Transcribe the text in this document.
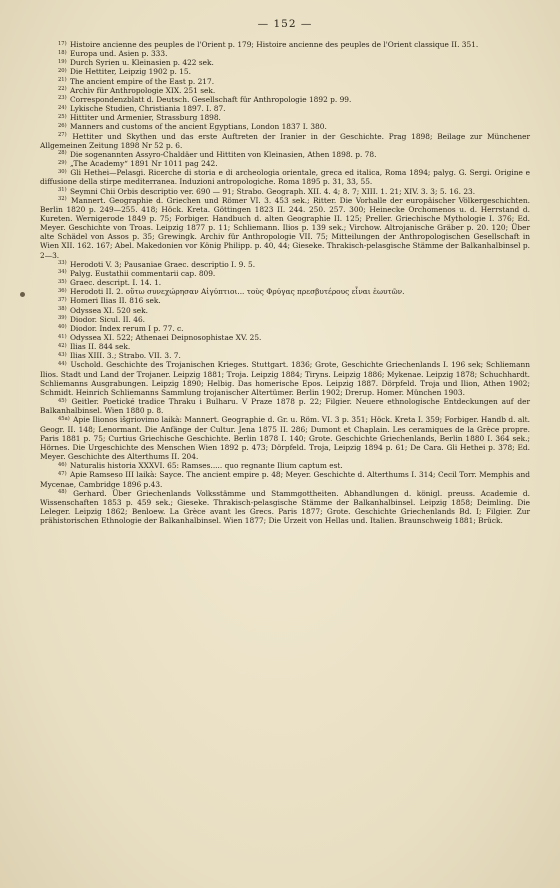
— 152 —

$^{17)}$ Histoire ancienne des peuples de l'Orient p. 179; Histoire ancienne des peuples de l'Orient classique II. 351.

$^{18)}$ Europa und. Asien p. 333.

$^{19)}$ Durch Syrien u. Kleinasien p. 422 sek.

$^{20)}$ Die Hettiter, Leipzig 1902 p. 15.

$^{21)}$ The ancient empire of the East p. 217.

$^{22)}$ Archiv für Anthropologie XIX. 251 sek.

$^{23)}$ Correspondenzblatt d. Deutsch. Gesellschaft für Anthropologie 1892 p. 99.

$^{24)}$ Lykische Studien, Christiania 1897. I. 87.

$^{25)}$ Hittiter und Armenier, Strassburg 1898.

$^{26)}$ Manners and customs of the ancient Egyptians, London 1837 I. 380.

$^{27)}$ Hettiter und Skythen und das erste Auftreten der Iranier in der Geschichte. Prag 1898; Beilage zur Münchener Allgemeinen Zeitung 1898 Nr 52 p. 6.

$^{28)}$ Die sogenannten Assyro-Chaldäer und Hittiten von Kleinasien, Athen 1898. p. 78.

$^{29)}$ „The Academy“ 1891 Nr 1011 pag 242.

$^{30)}$ Gli Hethei—Pelasgi. Ricerche di storia e di archeologia orientale, greca ed italica, Roma 1894; palyg. G. Sergi. Origine e diffusione della stirpe mediterranea. Induzioni antropologiche. Roma 1895 p. 31, 33, 55.

$^{31)}$ Seymni Chii Orbis descriptio ver. 690 — 91; Strabo. Geograph. XII. 4. 4; 8. 7; XIII. 1. 21; XIV. 3. 3; 5. 16. 23.

$^{32)}$ Mannert. Geographie d. Griechen und Römer VI. 3. 453 sek.; Ritter. Die Vorhalle der europäischer Völkergeschichten. Berlin 1820 p. 249—255. 418; Höck. Kreta. Göttingen 1823 II. 244. 250. 257. 300; Heinecke Orchomenos u. d. Herrstand d. Kureten. Wernigerode 1849 p. 75; Forbiger. Handbuch d. alten Geographie II. 125; Preller. Griechische Mythologie I. 376; Ed. Meyer. Geschichte von Troas. Leipzig 1877 p. 11; Schliemann. Ilios p. 139 sek.; Virchow. Altrojanische Gräber p. 20. 120; Über alte Schädel von Assos p. 35; Grewingk. Archiv für Anthropologie VII. 75; Mitteilungen der Anthropologischen Gesellschaft in Wien XII. 162. 167; Abel. Makedonien vor König Philipp. p. 40, 44; Gieseke. Thrakisch-pelasgische Stämme der Balkanhalbinsel p. 2—3.

$^{33)}$ Herodoti V. 3; Pausaniae Graec. descriptio I. 9. 5.

$^{34)}$ Palyg. Eustathii commentarii cap. 809.

$^{35)}$ Graec. descript. I. 14. 1.

$^{36)}$ Herodoti II. 2. οὕτω συνεχώρησαν Αἰγύπτιοι... τοὺς Φρύγας πρεσβυτέρους εἶναι ἑωυτῶν.

$^{37)}$ Homeri Ilias II. 816 sek.

$^{38)}$ Odyssea XI. 520 sek.

$^{39)}$ Diodor. Sicul. II. 46.

$^{40)}$ Diodor. Index rerum I p. 77. c.

$^{41)}$ Odyssea XI. 522; Athenaei Deipnosophistae XV. 25.

$^{42)}$ Ilias II. 844 sek.

$^{43)}$ Ilias XIII. 3.; Strabo. VII. 3. 7.

$^{44)}$ Uschold. Geschichte des Trojanischen Krieges. Stuttgart. 1836; Grote, Geschichte Griechenlands I. 196 sek; Schliemann Ilios. Stadt und Land der Trojaner. Leipzig 1881; Troja. Leipzig 1884; Tiryns. Leipzig 1886; Mykenae. Leipzig 1878; Schuchhardt. Schliemanns Ausgrabungen. Leipzig 1890; Helbig. Das homerische Epos. Leipzig 1887. Dörpfeld. Troja und Ilion, Athen 1902; Schmidt. Heinrich Schliemanns Sammlung trojanischer Altertümer. Berlin 1902; Drerup. Homer. München 1903.

$^{45)}$ Geitler. Poetické tradice Thraku i Bulharu. V Praze 1878 p. 22; Filgier. Neuere ethnologische Entdeckungen auf der Balkanhalbinsel. Wien 1880 p. 8.

$^{45a)}$ Apie Ilionos išgriovimo laikà: Mannert. Geographie d. Gr. u. Röm. VI. 3 p. 351; Höck. Kreta I. 359; Forbiger. Handb d. alt. Geogr. II. 148; Lenormant. Die Anfänge der Cultur. Jena 1875 II. 286; Dumont et Chaplain. Les ceramiques de la Grèce propre. Paris 1881 p. 75; Curtius Griechische Geschichte. Berlin 1878 I. 140; Grote. Geschichte Griechenlands, Berlin 1880 I. 364 sek.; Hörnes. Die Urgeschichte des Menschen Wien 1892 p. 473; Dörpfeld. Troja, Leipzig 1894 p. 61; De Cara. Gli Hethei p. 378; Ed. Meyer. Geschichte des Alterthums II. 204.

$^{46)}$ Naturalis historia XXXVI. 65: Ramses..... quo regnante Ilium captum est.

$^{47)}$ Apie Ramseso III laikà: Sayce. The ancient empire p. 48; Meyer. Geschichte d. Alterthums I. 314; Cecil Torr. Memphis and Mycenae, Cambridge 1896 p.43.

$^{48)}$ Gerhard. Über Griechenlands Volksstämme und Stammgottheiten. Abhandlungen d. königl. preuss. Academie d. Wissenschaften 1853 p. 459 sek.; Gieseke. Thrakisch-pelasgische Stämme der Balkanhalbinsel. Leipzig 1858; Deimling. Die Leleger. Leipzig 1862; Benloew. La Grèce avant les Grecs. Paris 1877; Grote. Geschichte Griechenlands Bd. I; Filgier. Zur prähistorischen Ethnologie der Balkanhalbinsel. Wien 1877; Die Urzeit von Hellas und. Italien. Braunschweig 1881; Brück.
